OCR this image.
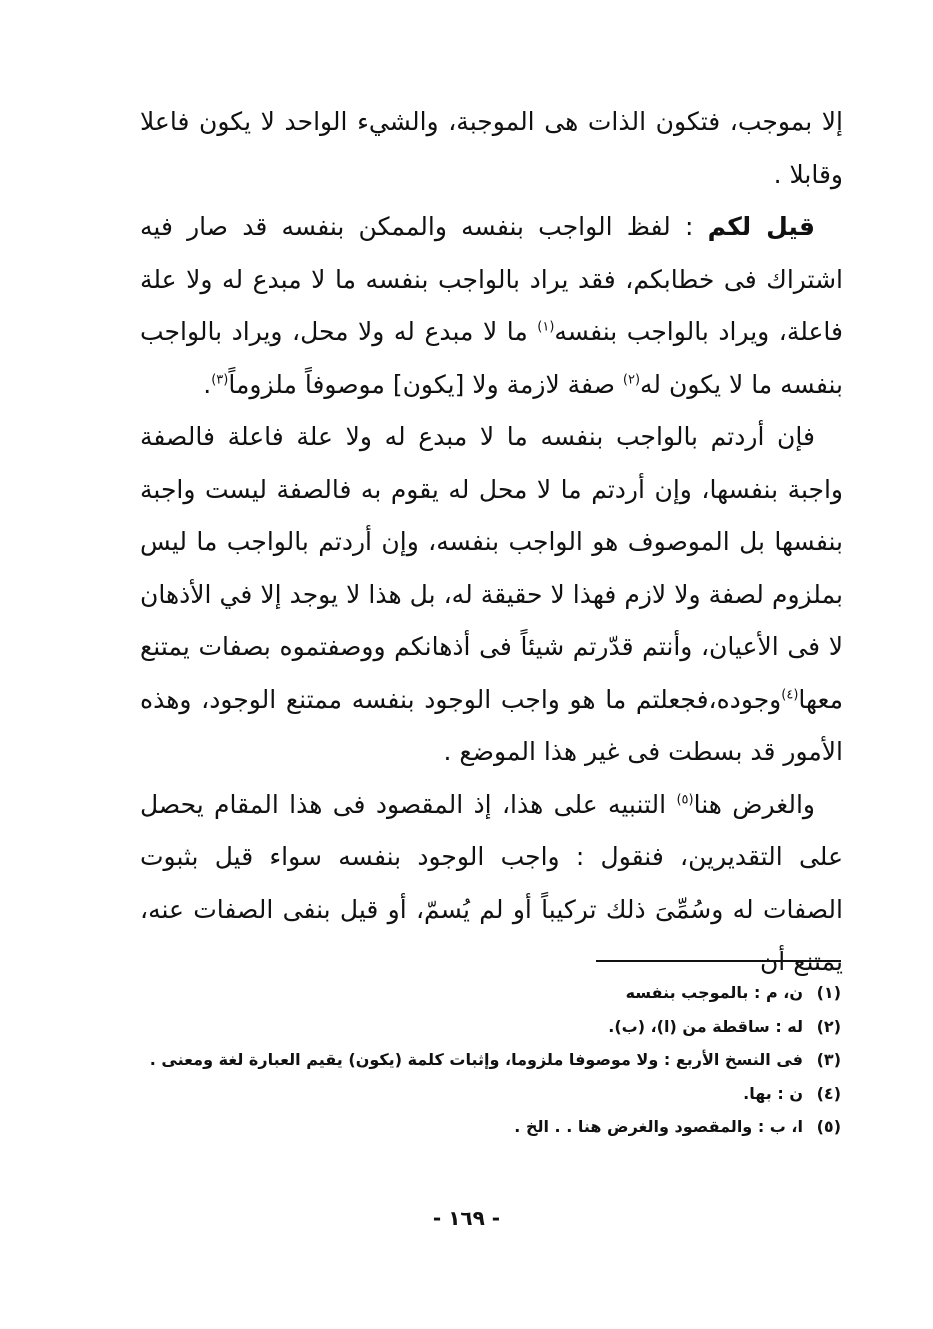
إلا بموجب، فتكون الذات هى الموجبة، والشيء الواحد لا يكون فاعلا وقابلا .

قيل لكم : لفظ الواجب بنفسه والممكن بنفسه قد صار فيه اشتراك فى خطابكم، فقد يراد بالواجب بنفسه ما لا مبدع له ولا علة فاعلة، ويراد بالواجب بنفسه$^{(١)}$ ما لا مبدع له ولا محل، ويراد بالواجب بنفسه ما لا يكون له$^{(٢)}$ صفة لازمة ولا [يكون] موصوفاً ملزوماً$^{(٣)}$.

فإن أردتم بالواجب بنفسه ما لا مبدع له ولا علة فاعلة فالصفة واجبة بنفسها، وإن أردتم ما لا محل له يقوم به فالصفة ليست واجبة بنفسها بل الموصوف هو الواجب بنفسه، وإن أردتم بالواجب ما ليس بملزوم لصفة ولا لازم فهذا لا حقيقة له، بل هذا لا يوجد إلا في الأذهان لا فى الأعيان، وأنتم قدّرتم شيئاً فى أذهانكم ووصفتموه بصفات يمتنع معها$^{(٤)}$وجوده،فجعلتم ما هو واجب الوجود بنفسه ممتنع الوجود، وهذه الأمور قد بسطت فى غير هذا الموضع .

والغرض هنا$^{(٥)}$ التنبيه على هذا، إذ المقصود فى هذا المقام يحصل على التقديرين، فنقول : واجب الوجود بنفسه سواء قيل بثبوت الصفات له وسُمِّىَ ذلك تركيباً أو لم يُسمّ، أو قيل بنفى الصفات عنه، يمتنع أن

(١)ن، م : بالموجب بنفسه
(٢)له : ساقطة من (ا)، (ب).
(٣)فى النسخ الأربع : ولا موصوفا ملزوما، وإثبات كلمة (يكون) يقيم العبارة لغة ومعنى .
(٤)ن : بها.
(٥)ا، ب : والمقصود والغرض هنا . . الخ .
- ١٦٩ -
